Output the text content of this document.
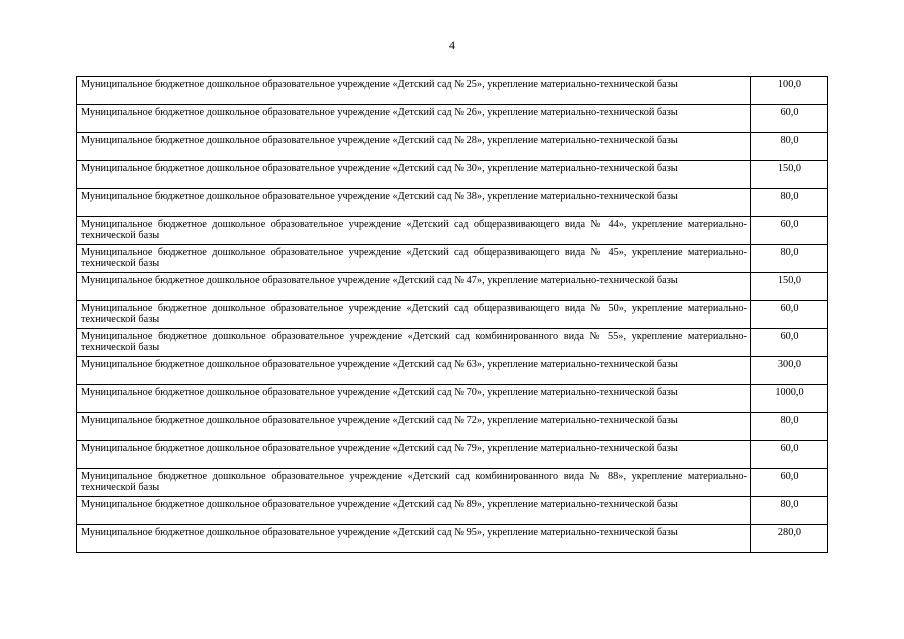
4
Муниципальное бюджетное дошкольное образовательное учреждение «Детский сад № 25», укрепление материально-технической базы	100,0
Муниципальное бюджетное дошкольное образовательное учреждение «Детский сад № 26», укрепление материально-технической базы	60,0
Муниципальное бюджетное дошкольное образовательное учреждение «Детский сад № 28», укрепление материально-технической базы	80,0
Муниципальное бюджетное дошкольное образовательное учреждение «Детский сад № 30», укрепление материально-технической базы	150,0
Муниципальное бюджетное дошкольное образовательное учреждение «Детский сад № 38», укрепление материально-технической базы	80,0
Муниципальное бюджетное дошкольное образовательное учреждение «Детский сад общеразвивающего вида № 44», укрепление материально-технической базы	60,0
Муниципальное бюджетное дошкольное образовательное учреждение «Детский сад общеразвивающего вида № 45», укрепление материально-технической базы	80,0
Муниципальное бюджетное дошкольное образовательное учреждение «Детский сад № 47», укрепление материально-технической базы	150,0
Муниципальное бюджетное дошкольное образовательное учреждение «Детский сад общеразвивающего вида № 50», укрепление материально-технической базы	60,0
Муниципальное бюджетное дошкольное образовательное учреждение «Детский сад комбинированного вида № 55», укрепление материально-технической базы	60,0
Муниципальное бюджетное дошкольное образовательное учреждение «Детский сад № 63», укрепление материально-технической базы	300,0
Муниципальное бюджетное дошкольное образовательное учреждение «Детский сад № 70», укрепление материально-технической базы	1000,0
Муниципальное бюджетное дошкольное образовательное учреждение «Детский сад № 72», укрепление материально-технической базы	80,0
Муниципальное бюджетное дошкольное образовательное учреждение «Детский сад № 79», укрепление материально-технической базы	60,0
Муниципальное бюджетное дошкольное образовательное учреждение «Детский сад комбинированного вида № 88», укрепление материально-технической базы	60,0
Муниципальное бюджетное дошкольное образовательное учреждение «Детский сад № 89», укрепление материально-технической базы	80,0
Муниципальное бюджетное дошкольное образовательное учреждение «Детский сад № 95», укрепление материально-технической базы	280,0
